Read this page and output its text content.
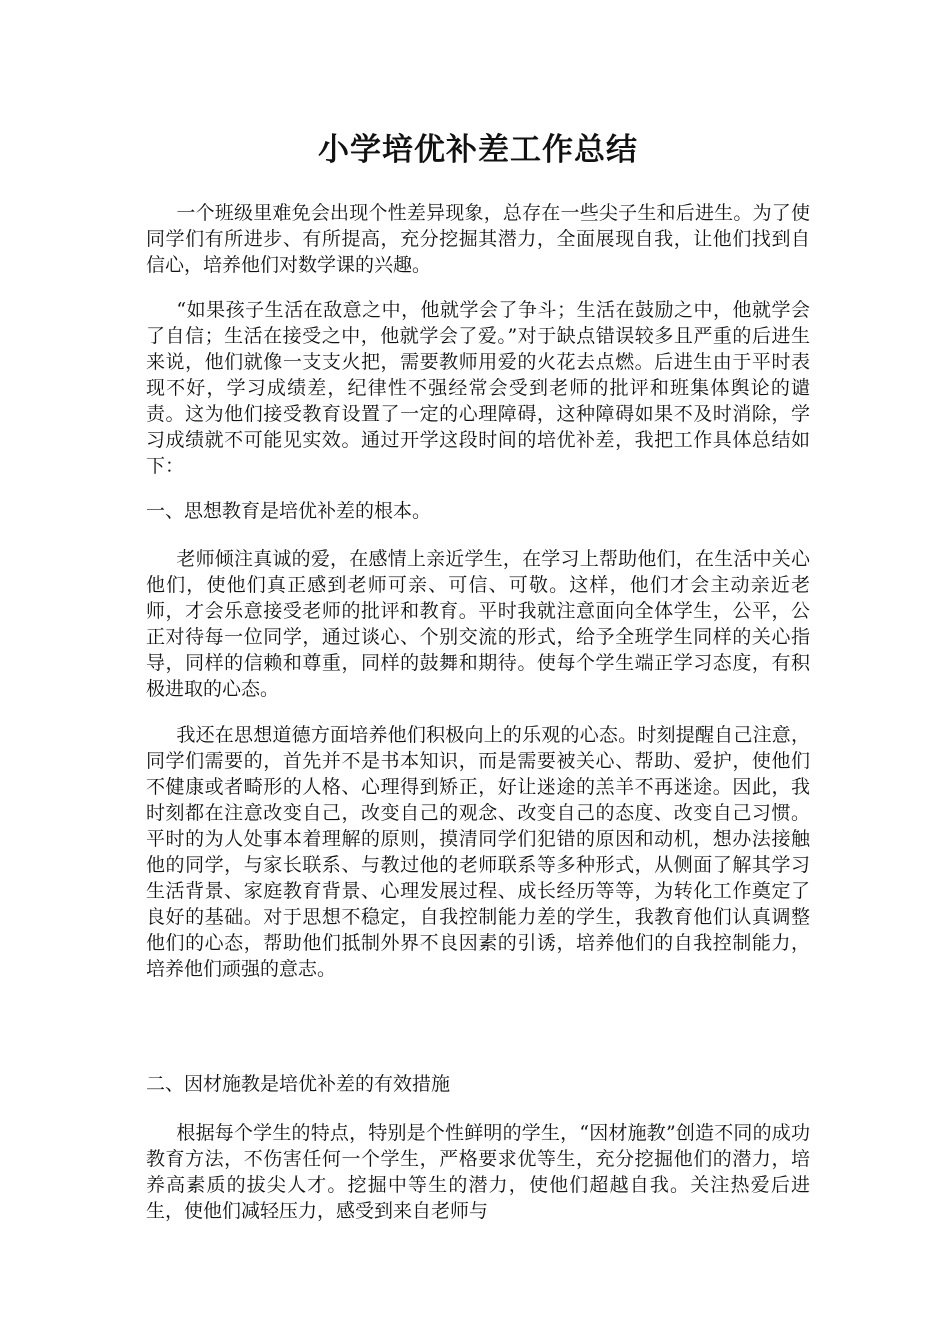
小学培优补差工作总结

一个班级里难免会出现个性差异现象，总存在一些尖子生和后进生。为了使同学们有所进步、有所提高，充分挖掘其潜力，全面展现自我，让他们找到自信心，培养他们对数学课的兴趣。

“如果孩子生活在敌意之中，他就学会了争斗；生活在鼓励之中，他就学会了自信；生活在接受之中，他就学会了爱。”对于缺点错误较多且严重的后进生来说，他们就像一支支火把，需要教师用爱的火花去点燃。后进生由于平时表现不好，学习成绩差，纪律性不强经常会受到老师的批评和班集体舆论的谴责。这为他们接受教育设置了一定的心理障碍，这种障碍如果不及时消除，学习成绩就不可能见实效。通过开学这段时间的培优补差，我把工作具体总结如下：

一、思想教育是培优补差的根本。

老师倾注真诚的爱，在感情上亲近学生，在学习上帮助他们，在生活中关心他们，使他们真正感到老师可亲、可信、可敬。这样，他们才会主动亲近老师，才会乐意接受老师的批评和教育。平时我就注意面向全体学生，公平，公正对待每一位同学，通过谈心、个别交流的形式，给予全班学生同样的关心指导，同样的信赖和尊重，同样的鼓舞和期待。使每个学生端正学习态度，有积极进取的心态。

我还在思想道德方面培养他们积极向上的乐观的心态。时刻提醒自己注意，同学们需要的，首先并不是书本知识，而是需要被关心、帮助、爱护，使他们不健康或者畸形的人格、心理得到矫正，好让迷途的羔羊不再迷途。因此，我时刻都在注意改变自己，改变自己的观念、改变自己的态度、改变自己习惯。平时的为人处事本着理解的原则，摸清同学们犯错的原因和动机，想办法接触他的同学，与家长联系、与教过他的老师联系等多种形式，从侧面了解其学习生活背景、家庭教育背景、心理发展过程、成长经历等等，为转化工作奠定了良好的基础。对于思想不稳定，自我控制能力差的学生，我教育他们认真调整他们的心态，帮助他们抵制外界不良因素的引诱，培养他们的自我控制能力，培养他们顽强的意志。

二、因材施教是培优补差的有效措施

根据每个学生的特点，特别是个性鲜明的学生，“因材施教”创造不同的成功教育方法，不伤害任何一个学生，严格要求优等生，充分挖掘他们的潜力，培养高素质的拔尖人才。挖掘中等生的潜力，使他们超越自我。关注热爱后进生，使他们减轻压力，感受到来自老师与
